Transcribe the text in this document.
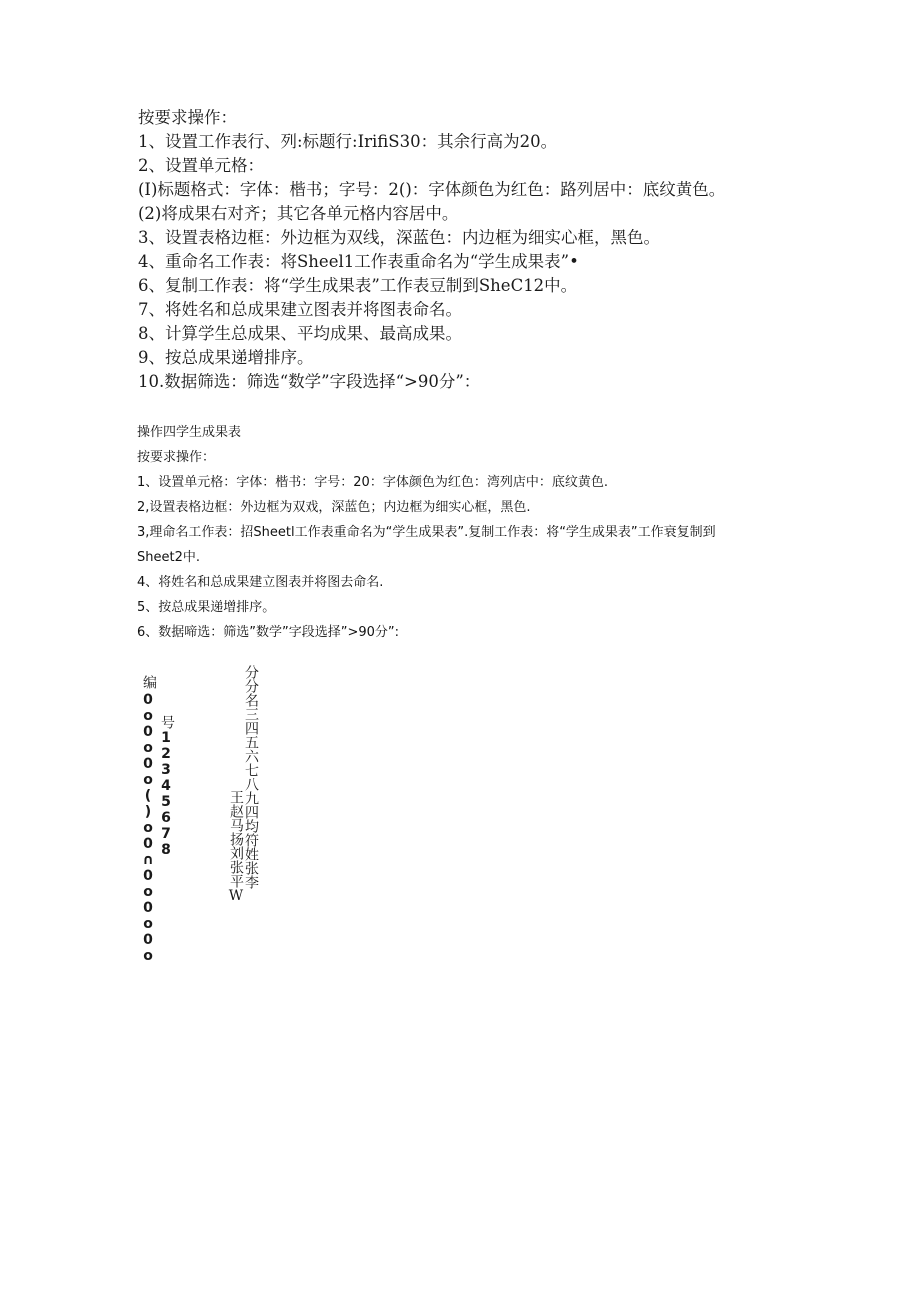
按要求操作：
1、设置工作表行、列:标题行:IrifiS30：其余行高为20。
2、设置单元格：
(I)标题格式：字体：楷书；字号：2()：字体颜色为红色：路列居中：底纹黄色。
(2)将成果右对齐；其它各单元格内容居中。
3、设置表格边框：外边框为双线，深蓝色：内边框为细实心框，黑色。
4、重命名工作表：将Sheel1工作表重命名为“学生成果表”•
6、复制工作表：将“学生成果表”工作表豆制到SheC12中。
7、将姓名和总成果建立图表并将图表命名。
8、计算学生总成果、平均成果、最高成果。
9、按总成果递增排序。
10.数据筛选：筛选“数学”字段选择“>90分”：
操作四学生成果表
按要求操作：
1、设置单元格：字体：楷书：字号：20：字体颜色为红色：湾列店中：底纹黄色.
2,设置表格边框：外边框为双戏，深蓝色；内边框为细实心框，黑色.
3,理命名工作表：招Sheetl工作表重命名为“学生成果表”.复制工作表：将“学生成果表”工作衰复制到
Sheet2中.
4、将姓名和总成果建立图表并将图去命名.
5、按总成果递增排序。
6、数据啼选：筛选”数学”字段选择”>90分”:
编
0o0o0o()o0∩0o0o0o 号
12345678	王赵马扬刘张平W 分分名三四五六七八九四均符姓张李
